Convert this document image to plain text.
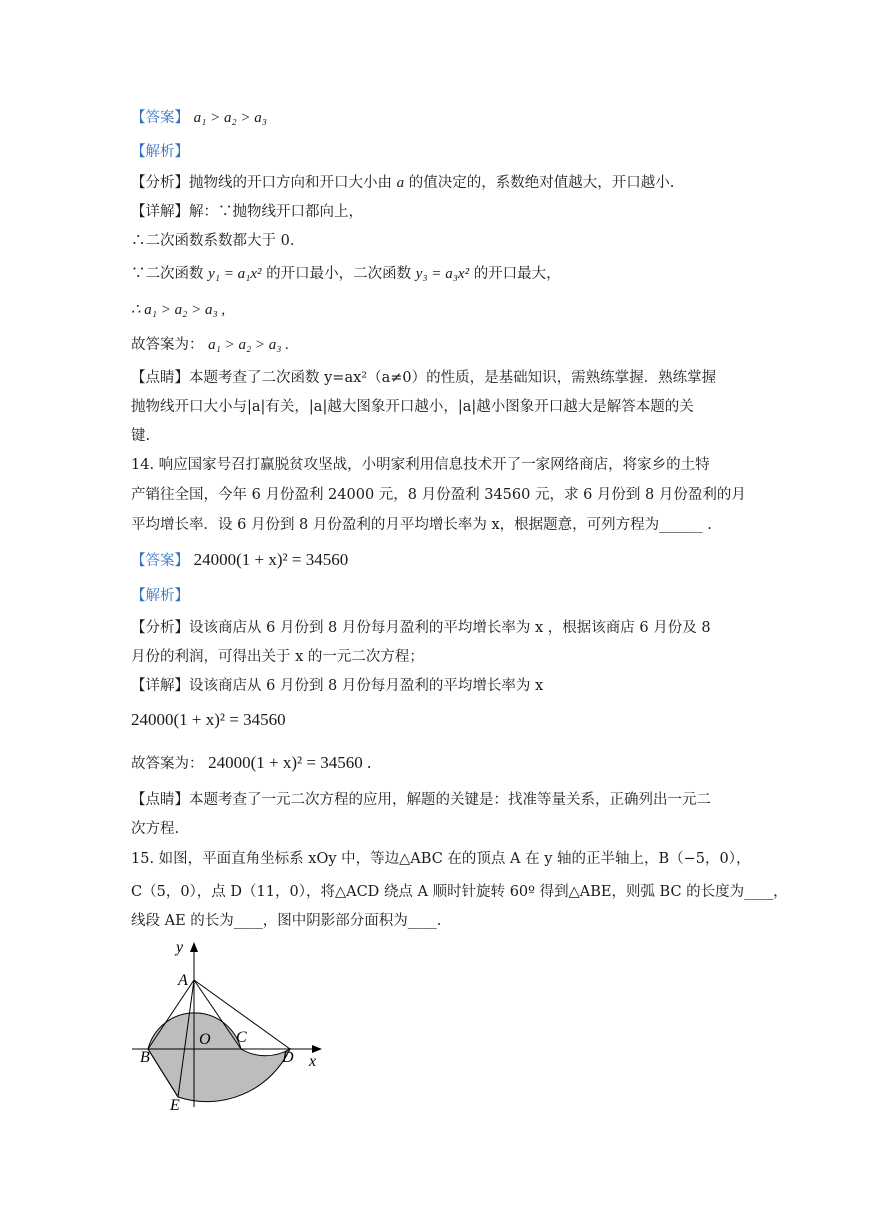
【答案】 a₁ > a₂ > a₃
【解析】
【分析】抛物线的开口方向和开口大小由 a 的值决定的，系数绝对值越大，开口越小.
【详解】解：∵抛物线开口都向上，
∴二次函数系数都大于 0.
∵二次函数 y₁ = a₁x² 的开口最小，二次函数 y₃ = a₃x² 的开口最大，
∴ a₁ > a₂ > a₃ ,
故答案为： a₁ > a₂ > a₃ .
【点睛】本题考查了二次函数 y=ax²（a≠0）的性质，是基础知识，需熟练掌握．熟练掌握
抛物线开口大小与|a|有关，|a|越大图象开口越小，|a|越小图象开口越大是解答本题的关
键.
14. 响应国家号召打赢脱贫攻坚战，小明家利用信息技术开了一家网络商店，将家乡的土特
产销往全国，今年 6 月份盈利 24000 元，8 月份盈利 34560 元，求 6 月份到 8 月份盈利的月
平均增长率．设 6 月份到 8 月份盈利的月平均增长率为 x，根据题意，可列方程为______ .
【答案】 24000(1 + x)² = 34560
【解析】
【分析】设该商店从 6 月份到 8 月份每月盈利的平均增长率为 x ，根据该商店 6 月份及 8
月份的利润，可得出关于 x 的一元二次方程；
【详解】设该商店从 6 月份到 8 月份每月盈利的平均增长率为 x
24000(1 + x)² = 34560
故答案为： 24000(1 + x)² = 34560 .
【点睛】本题考查了一元二次方程的应用，解题的关键是：找准等量关系，正确列出一元二
次方程.
15. 如图，平面直角坐标系 xOy 中，等边△ABC 在的顶点 A 在 y 轴的正半轴上，B（−5，0），
C（5，0），点 D（11，0），将△ACD 绕点 A 顺时针旋转 60º 得到△ABE，则弧 BC 的长度为____，
线段 AE 的长为____，图中阴影部分面积为____.
y
x
A
O C
B	D
E
